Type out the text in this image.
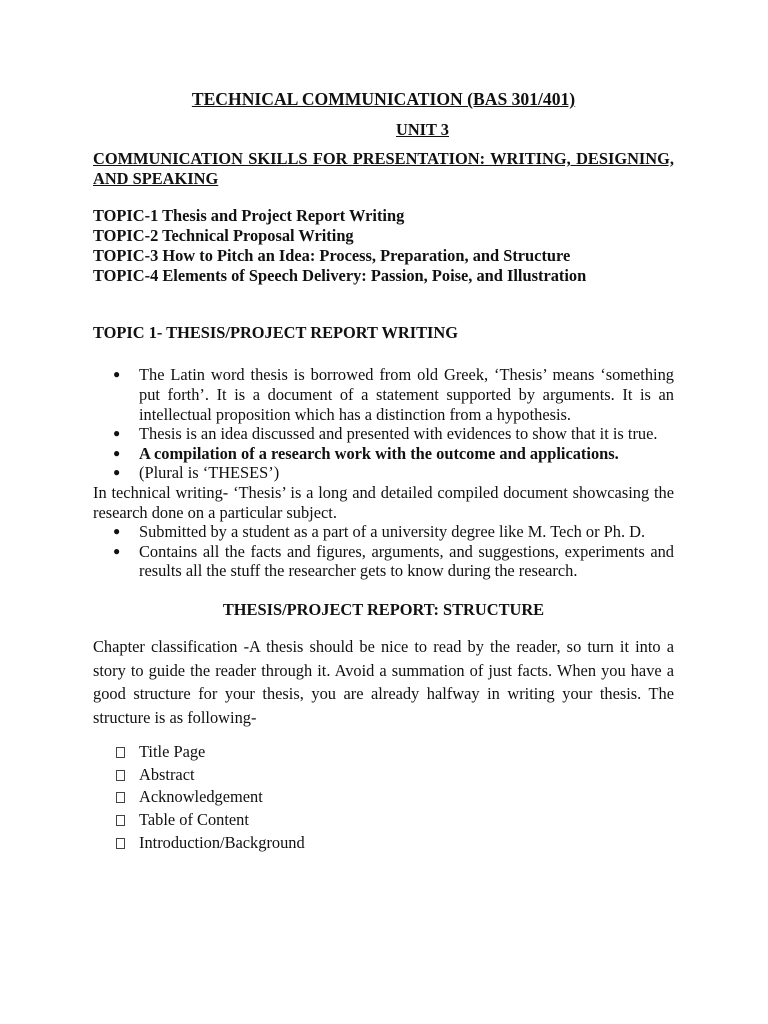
TECHNICAL COMMUNICATION (BAS 301/401)

UNIT 3

COMMUNICATION SKILLS FOR PRESENTATION: WRITING, DESIGNING, AND SPEAKING

TOPIC-1 Thesis and Project Report Writing
TOPIC-2 Technical Proposal Writing
TOPIC-3 How to Pitch an Idea: Process, Preparation, and Structure
TOPIC-4 Elements of Speech Delivery: Passion, Poise, and Illustration

TOPIC 1- THESIS/PROJECT REPORT WRITING

● The Latin word thesis is borrowed from old Greek, ‘Thesis’ means ‘something put forth’. It is a document of a statement supported by arguments. It is an intellectual proposition which has a distinction from a hypothesis.
● Thesis is an idea discussed and presented with evidences to show that it is true.
● A compilation of a research work with the outcome and applications.
● (Plural is ‘THESES’)

In technical writing- ‘Thesis’ is a long and detailed compiled document showcasing the research done on a particular subject.

● Submitted by a student as a part of a university degree like M. Tech or Ph. D.
● Contains all the facts and figures, arguments, and suggestions, experiments and results all the stuff the researcher gets to know during the research.

THESIS/PROJECT REPORT: STRUCTURE

Chapter classification -A thesis should be nice to read by the reader, so turn it into a story to guide the reader through it. Avoid a summation of just facts. When you have a good structure for your thesis, you are already halfway in writing your thesis. The structure is as following-

Title Page
Abstract
Acknowledgement
Table of Content
Introduction/Background
